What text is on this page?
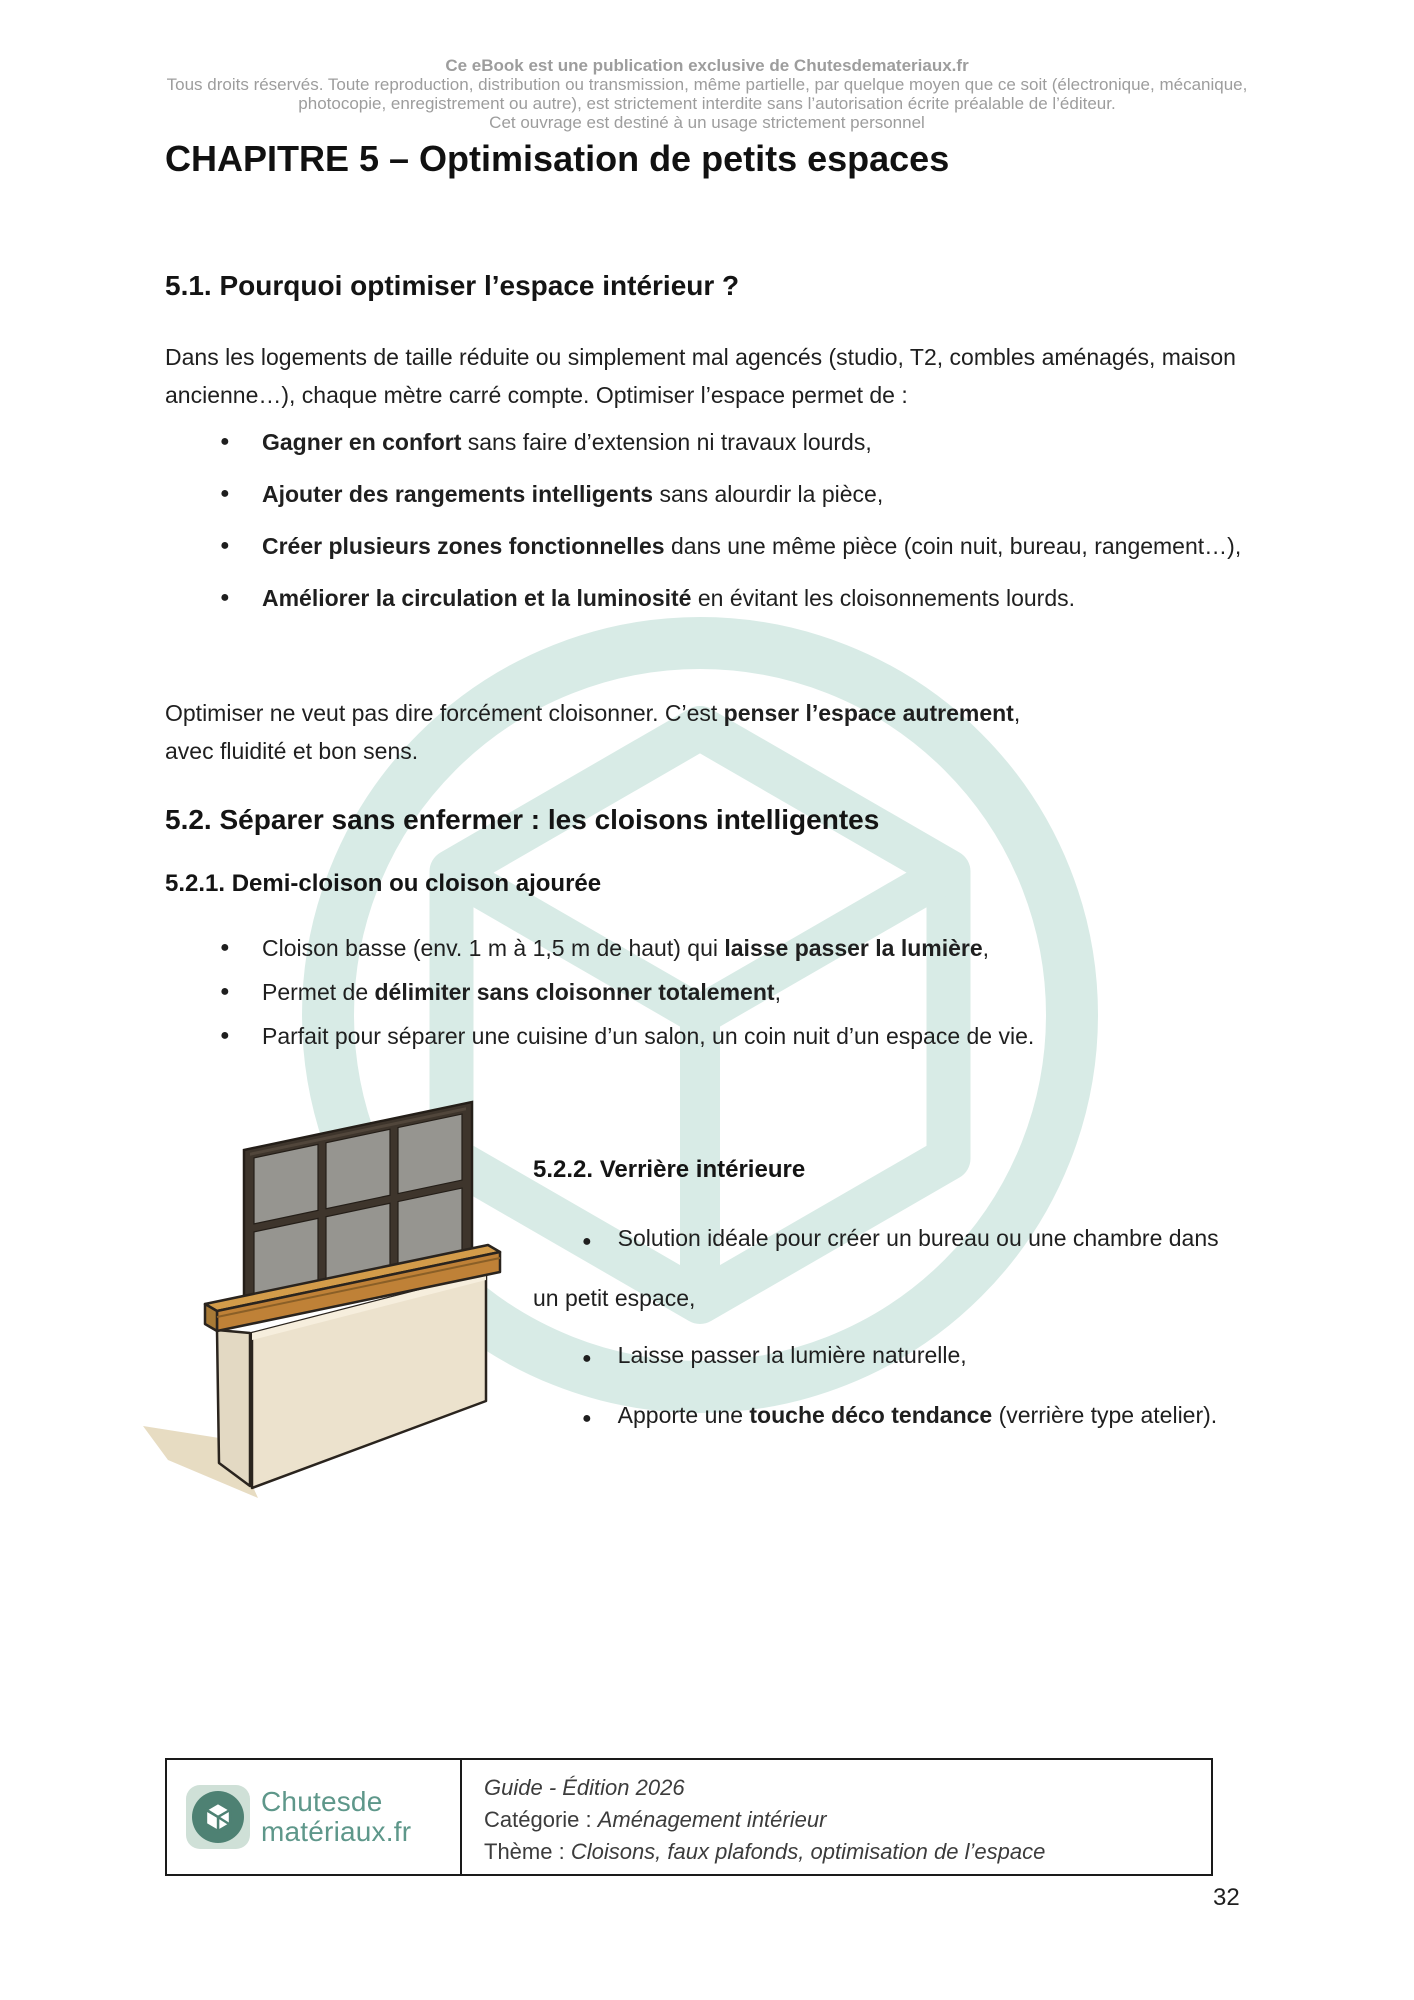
Ce eBook est une publication exclusive de Chutesdemateriaux.fr
Tous droits réservés. Toute reproduction, distribution ou transmission, même partielle, par quelque moyen que ce soit (électronique, mécanique,
photocopie, enregistrement ou autre), est strictement interdite sans l’autorisation écrite préalable de l’éditeur.
Cet ouvrage est destiné à un usage strictement personnel
CHAPITRE 5 – Optimisation de petits espaces
5.1. Pourquoi optimiser l’espace intérieur ?
Dans les logements de taille réduite ou simplement mal agencés (studio, T2, combles aménagés, maison ancienne…), chaque mètre carré compte. Optimiser l’espace permet de :
● Gagner en confort sans faire d’extension ni travaux lourds,
● Ajouter des rangements intelligents sans alourdir la pièce,
● Créer plusieurs zones fonctionnelles dans une même pièce (coin nuit, bureau, rangement…),
● Améliorer la circulation et la luminosité en évitant les cloisonnements lourds.
Optimiser ne veut pas dire forcément cloisonner. C’est penser l’espace autrement,
avec fluidité et bon sens.
5.2. Séparer sans enfermer : les cloisons intelligentes
5.2.1. Demi-cloison ou cloison ajourée
● Cloison basse (env. 1 m à 1,5 m de haut) qui laisse passer la lumière,
● Permet de délimiter sans cloisonner totalement,
● Parfait pour séparer une cuisine d’un salon, un coin nuit d’un espace de vie.
5.2.2. Verrière intérieure
● Solution idéale pour créer un bureau ou une chambre dans un petit espace,
● Laisse passer la lumière naturelle,
● Apporte une touche déco tendance (verrière type atelier).
Chutesde
matériaux.fr
Guide - Édition 2026
Catégorie : Aménagement intérieur
Thème : Cloisons, faux plafonds, optimisation de l’espace
32
